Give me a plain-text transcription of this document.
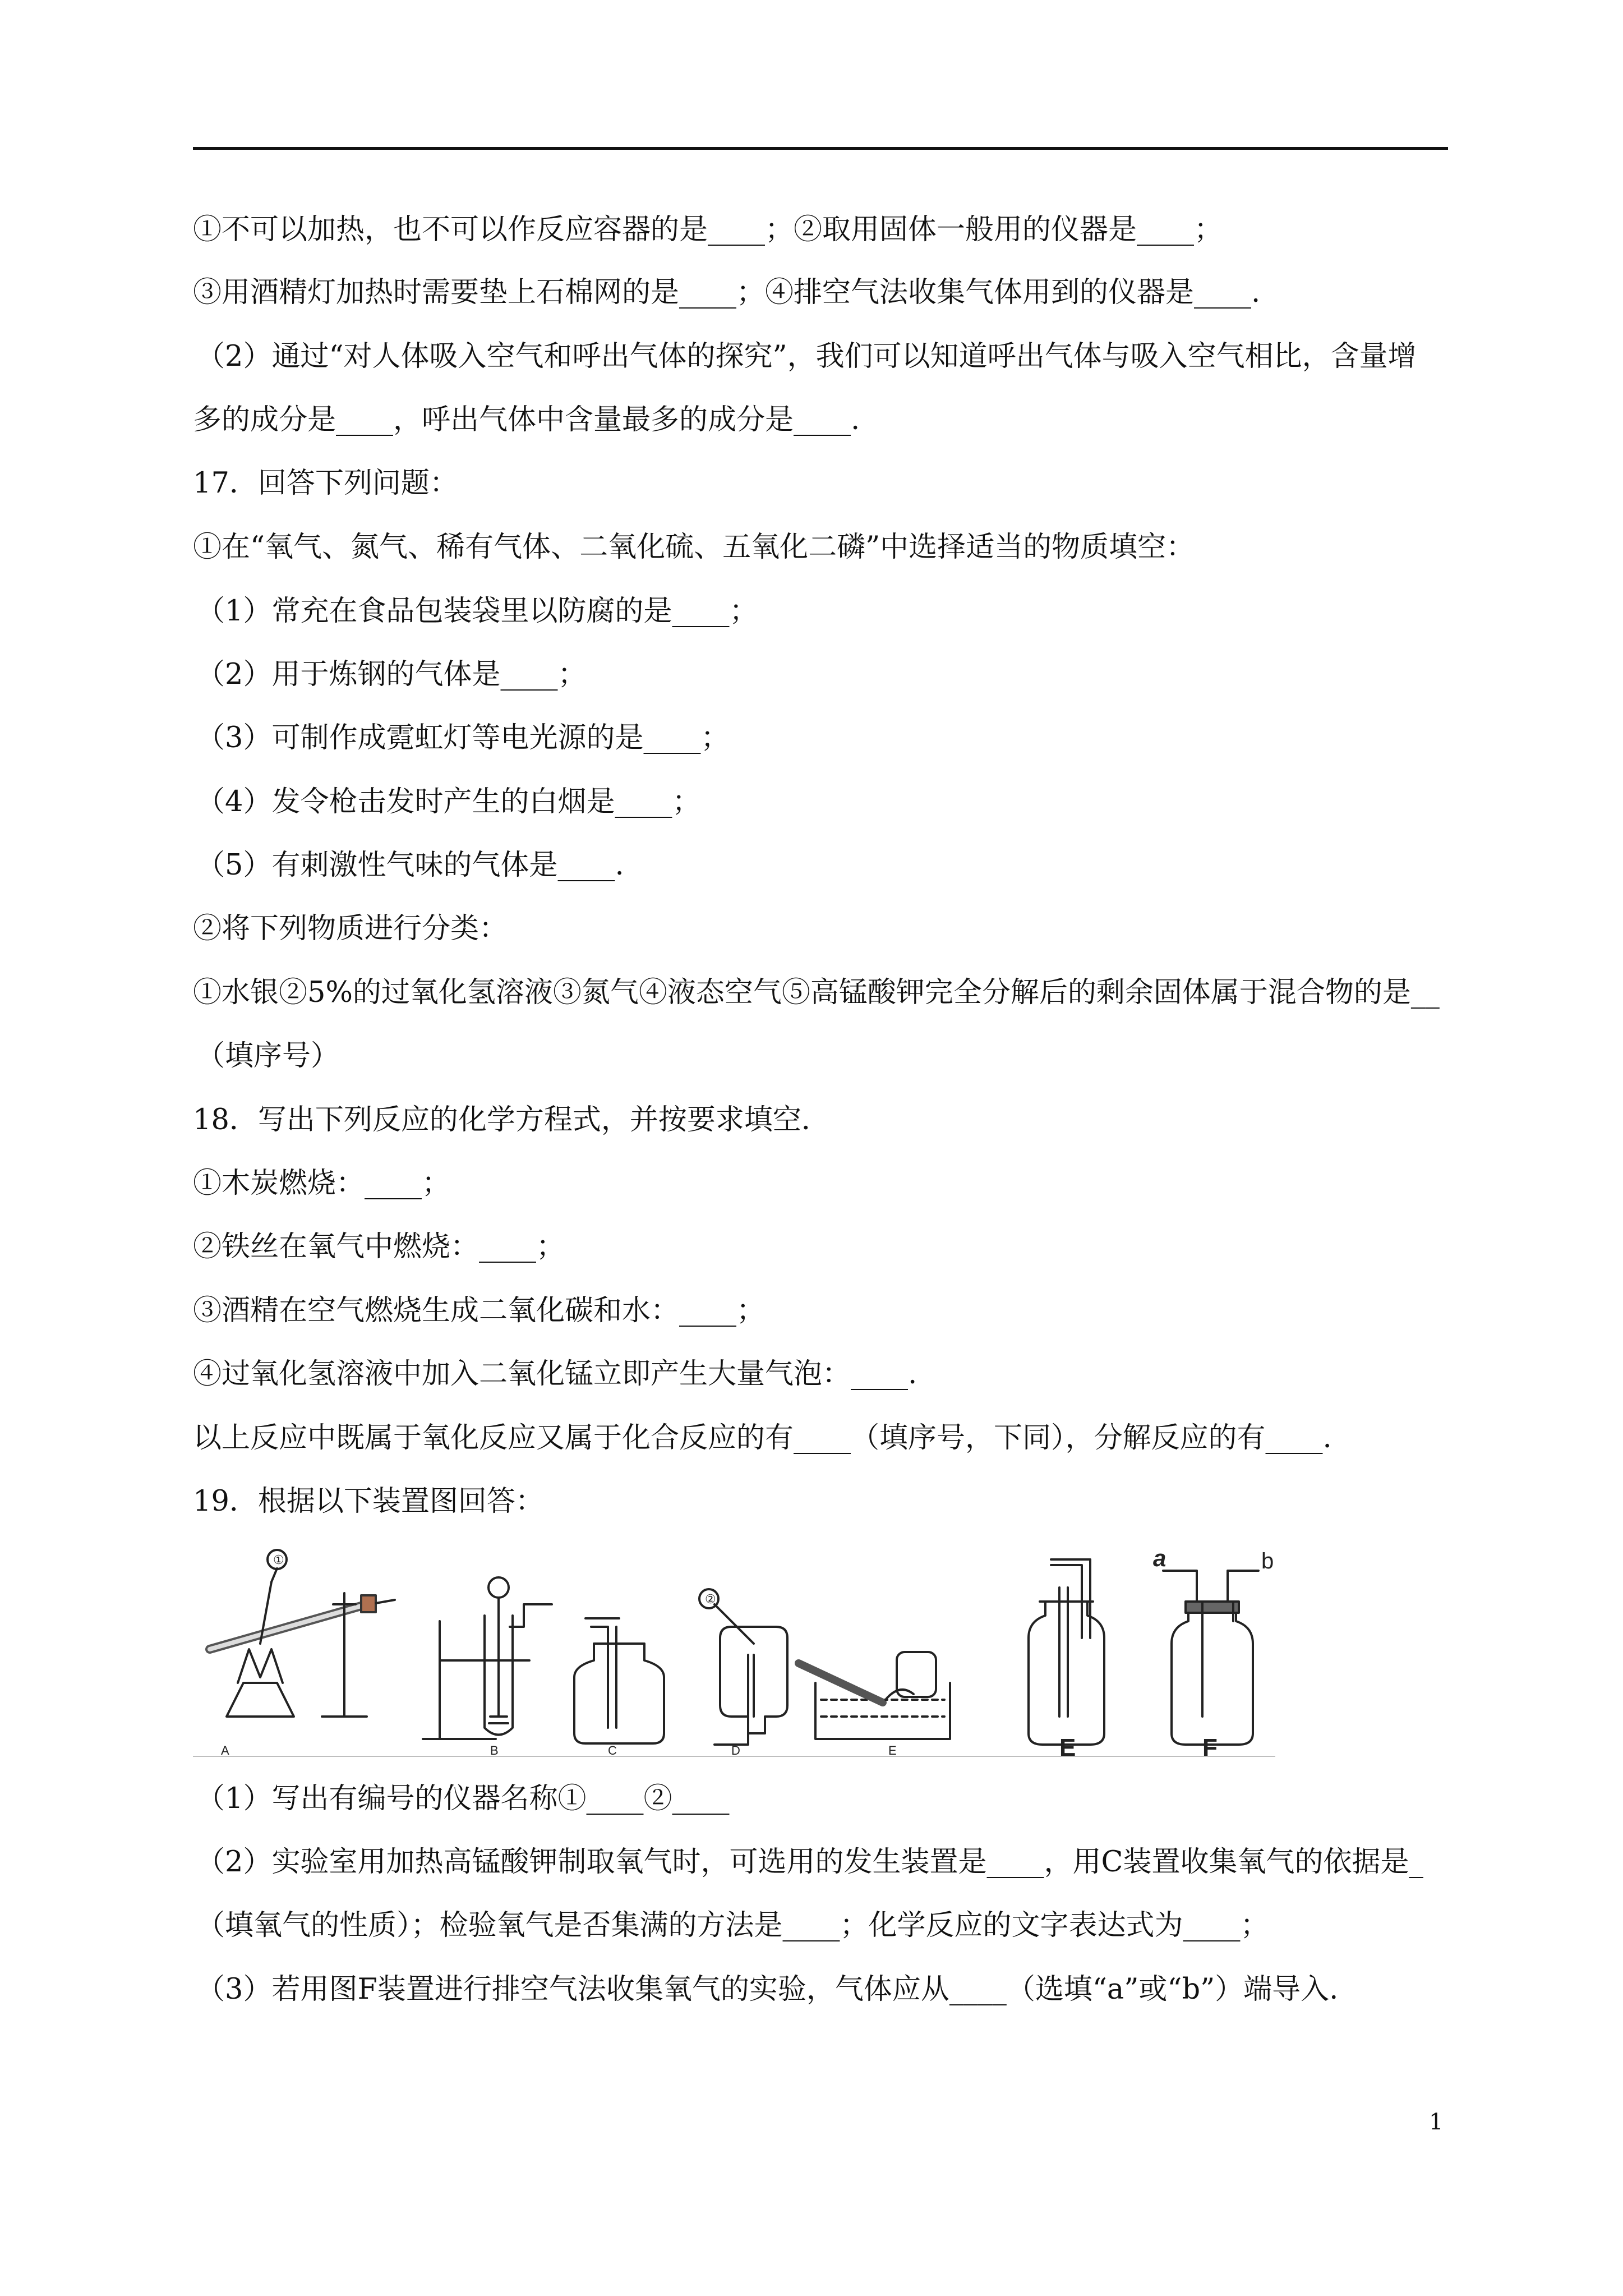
①不可以加热，也不可以作反应容器的是____；②取用固体一般用的仪器是____；
③用酒精灯加热时需要垫上石棉网的是____；④排空气法收集气体用到的仪器是____.
（2）通过“对人体吸入空气和呼出气体的探究”，我们可以知道呼出气体与吸入空气相比，含量增
多的成分是____，呼出气体中含量最多的成分是____.
17．回答下列问题：
①在“氧气、氮气、稀有气体、二氧化硫、五氧化二磷”中选择适当的物质填空：
（1）常充在食品包装袋里以防腐的是____；
（2）用于炼钢的气体是____；
（3）可制作成霓虹灯等电光源的是____；
（4）发令枪击发时产生的白烟是____；
（5）有刺激性气味的气体是____.
②将下列物质进行分类：
①水银②5%的过氧化氢溶液③氮气④液态空气⑤高锰酸钾完全分解后的剩余固体属于混合物的是__
（填序号）
18．写出下列反应的化学方程式，并按要求填空．
①木炭燃烧：____；
②铁丝在氧气中燃烧：____；
③酒精在空气燃烧生成二氧化碳和水：____；
④过氧化氢溶液中加入二氧化锰立即产生大量气泡：____.
以上反应中既属于氧化反应又属于化合反应的有____（填序号，下同），分解反应的有____.
19．根据以下装置图回答：
（1）写出有编号的仪器名称①____②____
（2）实验室用加热高锰酸钾制取氧气时，可选用的发生装置是____，用C装置收集氧气的依据是_
（填氧气的性质）；检验氧气是否集满的方法是____；化学反应的文字表达式为____；
（3）若用图F装置进行排空气法收集氧气的实验，气体应从____（选填“a”或“b”）端导入.
①
②
A	B	C	D	E	E	F
a	b
1
